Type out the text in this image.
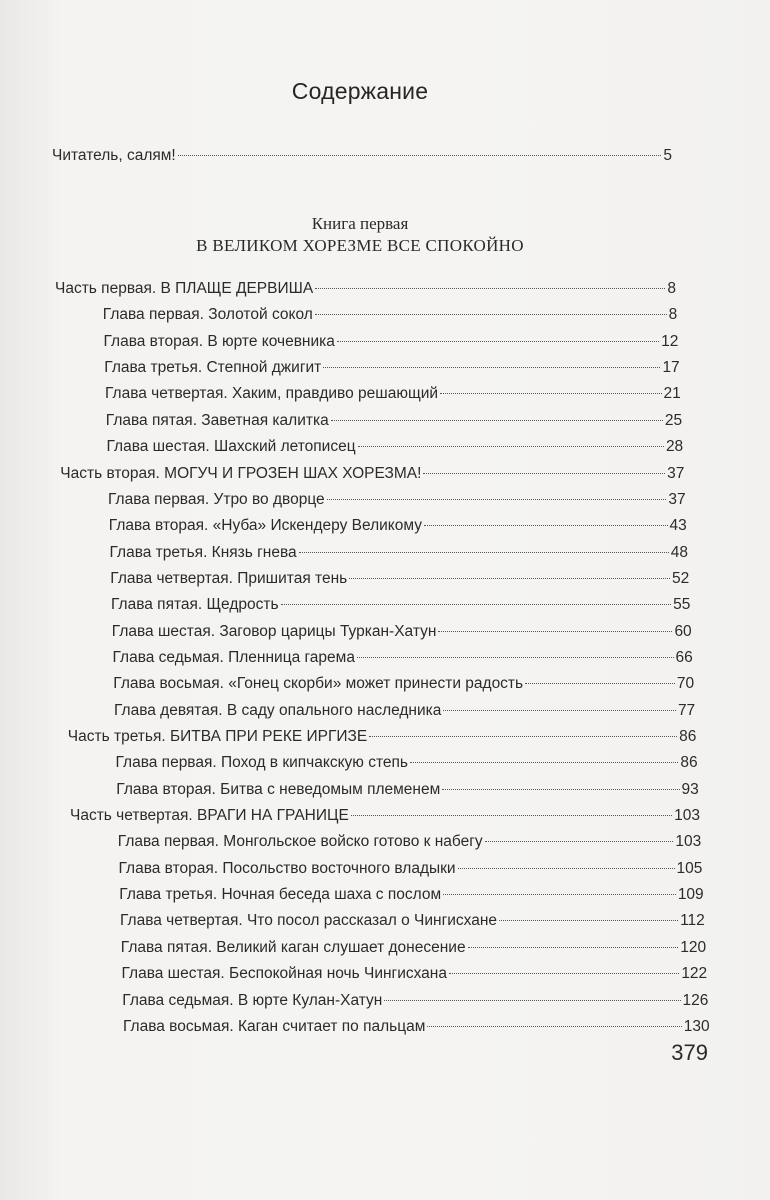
Содержание
Читатель, салям!	5
Книга первая
В ВЕЛИКОМ ХОРЕЗМЕ ВСЕ СПОКОЙНО
Часть первая. В ПЛАЩЕ ДЕРВИША	8
Глава первая. Золотой сокол	8
Глава вторая. В юрте кочевника	12
Глава третья. Степной джигит	17
Глава четвертая. Хаким, правдиво решающий	21
Глава пятая. Заветная калитка	25
Глава шестая. Шахский летописец	28
Часть вторая. МОГУЧ И ГРОЗЕН ШАХ ХОРЕЗМА!	37
Глава первая. Утро во дворце	37
Глава вторая. «Нуба» Искендеру Великому	43
Глава третья. Князь гнева	48
Глава четвертая. Пришитая тень	52
Глава пятая. Щедрость	55
Глава шестая. Заговор царицы Туркан-Хатун	60
Глава седьмая. Пленница гарема	66
Глава восьмая. «Гонец скорби» может принести радость	70
Глава девятая. В саду опального наследника	77
Часть третья. БИТВА ПРИ РЕКЕ ИРГИЗЕ	86
Глава первая. Поход в кипчакскую степь	86
Глава вторая. Битва с неведомым племенем	93
Часть четвертая. ВРАГИ НА ГРАНИЦЕ	103
Глава первая. Монгольское войско готово к набегу	103
Глава вторая. Посольство восточного владыки	105
Глава третья. Ночная беседа шаха с послом	109
Глава четвертая. Что посол рассказал о Чингисхане	112
Глава пятая. Великий каган слушает донесение	120
Глава шестая. Беспокойная ночь Чингисхана	122
Глава седьмая. В юрте Кулан-Хатун	126
Глава восьмая. Каган считает по пальцам	130
379
